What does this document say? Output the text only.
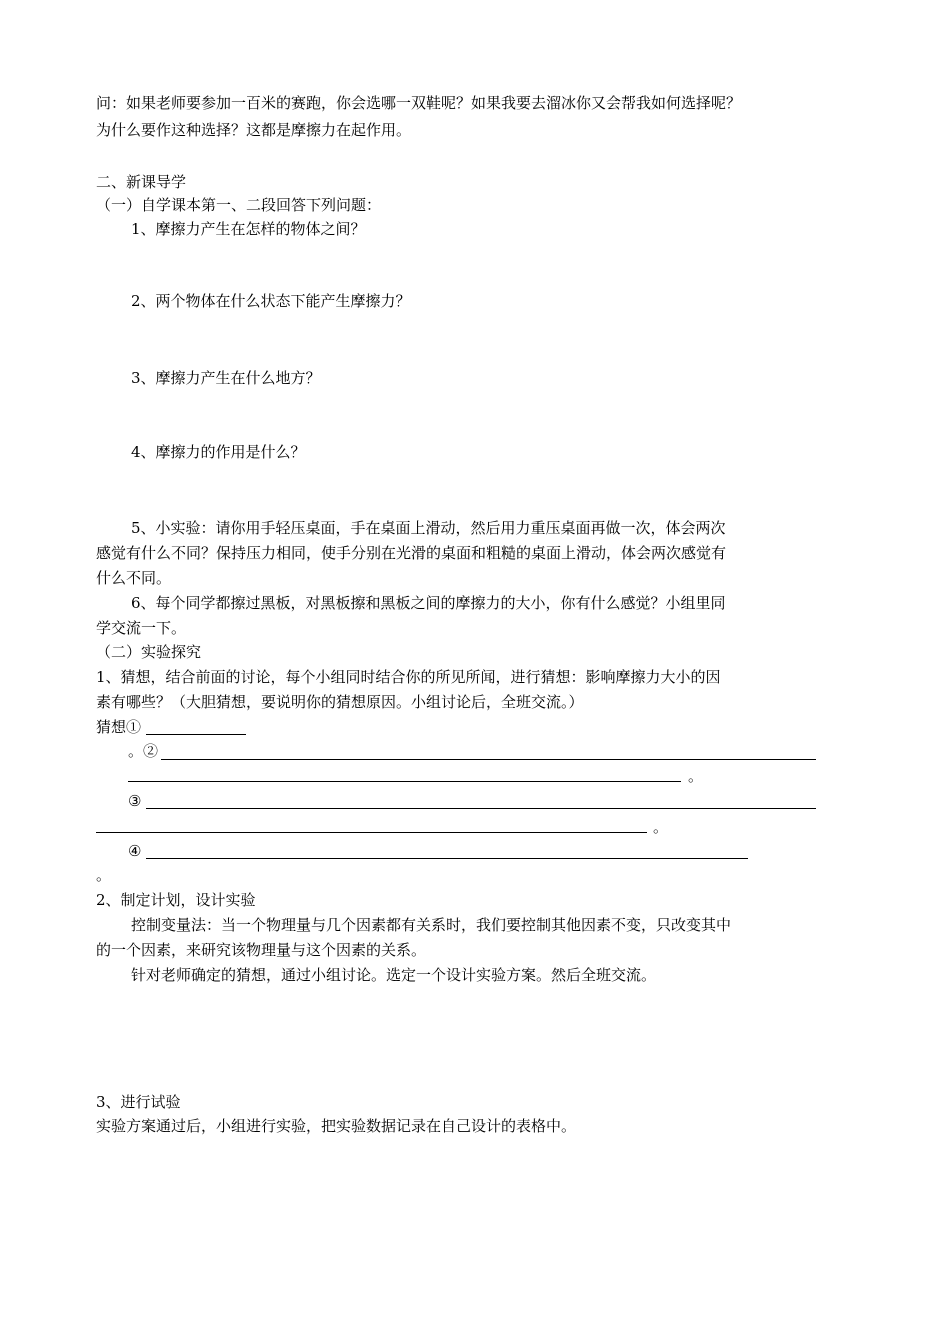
问：如果老师要参加一百米的赛跑，你会选哪一双鞋呢？如果我要去溜冰你又会帮我如何选择呢？
为什么要作这种选择？这都是摩擦力在起作用。
二、新课导学
（一）自学课本第一、二段回答下列问题：
1、摩擦力产生在怎样的物体之间？
2、两个物体在什么状态下能产生摩擦力？
3、摩擦力产生在什么地方？
4、摩擦力的作用是什么？
5、小实验：请你用手轻压桌面，手在桌面上滑动，然后用力重压桌面再做一次，体会两次
感觉有什么不同？保持压力相同，使手分别在光滑的桌面和粗糙的桌面上滑动，体会两次感觉有
什么不同。
6、每个同学都擦过黑板，对黑板擦和黑板之间的摩擦力的大小，你有什么感觉？小组里同
学交流一下。
（二）实验探究
1、猜想，结合前面的讨论，每个小组同时结合你的所见所闻，进行猜想：影响摩擦力大小的因
素有哪些？（大胆猜想，要说明你的猜想原因。小组讨论后，全班交流。）
猜想①
。②
。
③
。
④
。
2、制定计划，设计实验
控制变量法：当一个物理量与几个因素都有关系时，我们要控制其他因素不变，只改变其中
的一个因素，来研究该物理量与这个因素的关系。
针对老师确定的猜想，通过小组讨论。选定一个设计实验方案。然后全班交流。
3、进行试验
实验方案通过后，小组进行实验，把实验数据记录在自己设计的表格中。
